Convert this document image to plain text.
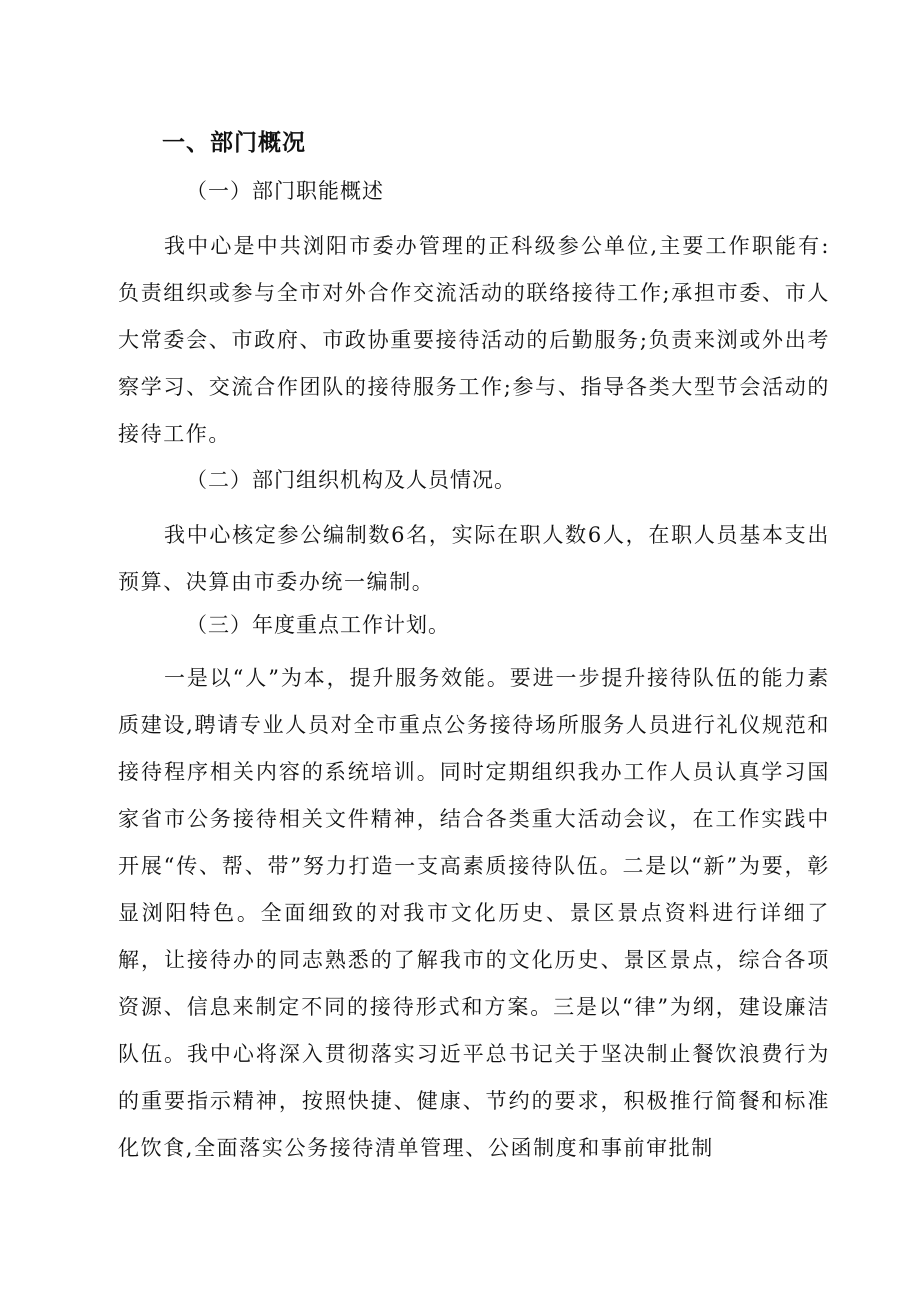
一、部门概况

（一）部门职能概述

我中心是中共浏阳市委办管理的正科级参公单位,主要工作职能有:负责组织或参与全市对外合作交流活动的联络接待工作;承担市委、市人大常委会、市政府、市政协重要接待活动的后勤服务;负责来浏或外出考察学习、交流合作团队的接待服务工作;参与、指导各类大型节会活动的接待工作。

（二）部门组织机构及人员情况。

我中心核定参公编制数6名，实际在职人数6人，在职人员基本支出预算、决算由市委办统一编制。

（三）年度重点工作计划。

一是以“人”为本，提升服务效能。要进一步提升接待队伍的能力素质建设,聘请专业人员对全市重点公务接待场所服务人员进行礼仪规范和接待程序相关内容的系统培训。同时定期组织我办工作人员认真学习国家省市公务接待相关文件精神，结合各类重大活动会议，在工作实践中开展“传、帮、带”努力打造一支高素质接待队伍。二是以“新”为要，彰显浏阳特色。全面细致的对我市文化历史、景区景点资料进行详细了解，让接待办的同志熟悉的了解我市的文化历史、景区景点，综合各项资源、信息来制定不同的接待形式和方案。三是以“律”为纲，建设廉洁队伍。我中心将深入贯彻落实习近平总书记关于坚决制止餐饮浪费行为的重要指示精神，按照快捷、健康、节约的要求，积极推行简餐和标准化饮食,全面落实公务接待清单管理、公函制度和事前审批制
